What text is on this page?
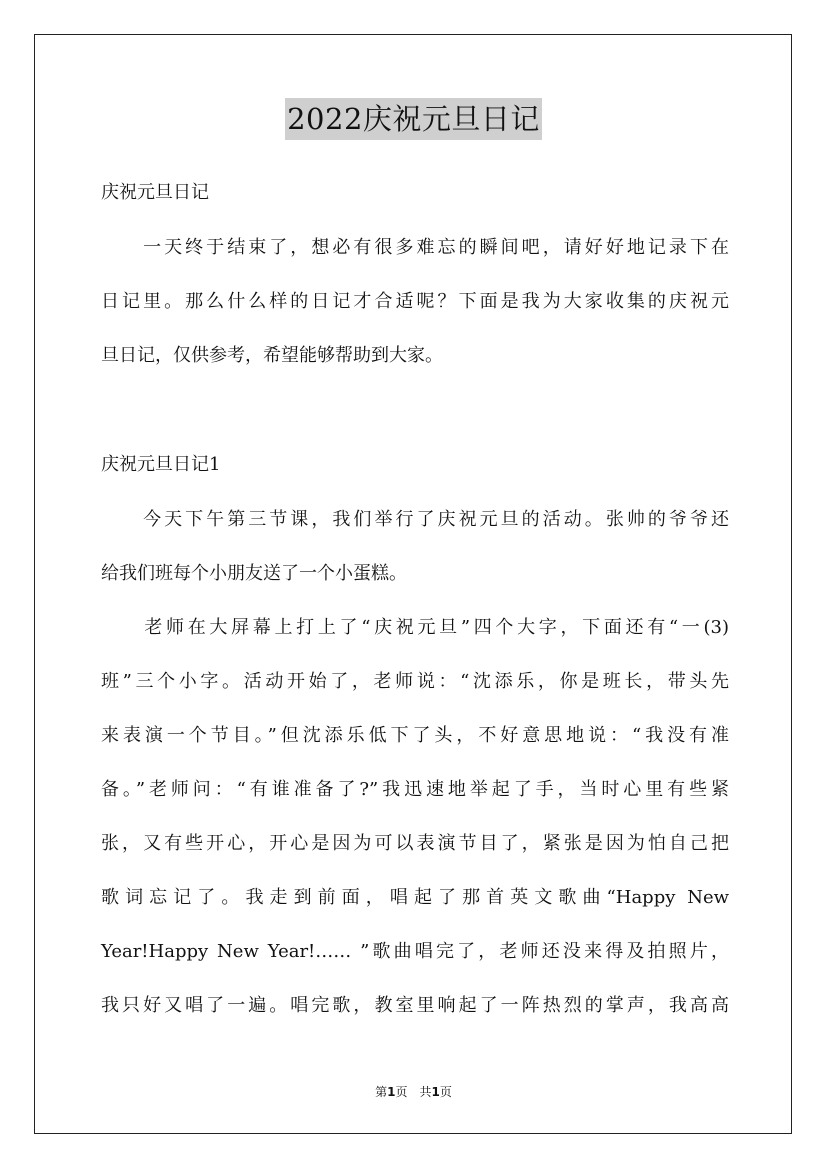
2022庆祝元旦日记
庆祝元旦日记
　　一天终于结束了，想必有很多难忘的瞬间吧，请好好地记录下在
日记里。那么什么样的日记才合适呢？下面是我为大家收集的庆祝元
旦日记，仅供参考，希望能够帮助到大家。
庆祝元旦日记1
　　今天下午第三节课，我们举行了庆祝元旦的活动。张帅的爷爷还
给我们班每个小朋友送了一个小蛋糕。
　　老师在大屏幕上打上了“庆祝元旦”四个大字，下面还有“一(3)
班”三个小字。活动开始了，老师说：“沈添乐，你是班长，带头先
来表演一个节目。”但沈添乐低下了头，不好意思地说：“我没有准
备。”老师问：“有谁准备了?”我迅速地举起了手，当时心里有些紧
张，又有些开心，开心是因为可以表演节目了，紧张是因为怕自己把
歌词忘记了。我走到前面，唱起了那首英文歌曲“Happy New
Year!Happy New Year!…… ”歌曲唱完了，老师还没来得及拍照片，
我只好又唱了一遍。唱完歌，教室里响起了一阵热烈的掌声，我高高
第1页　共1页
